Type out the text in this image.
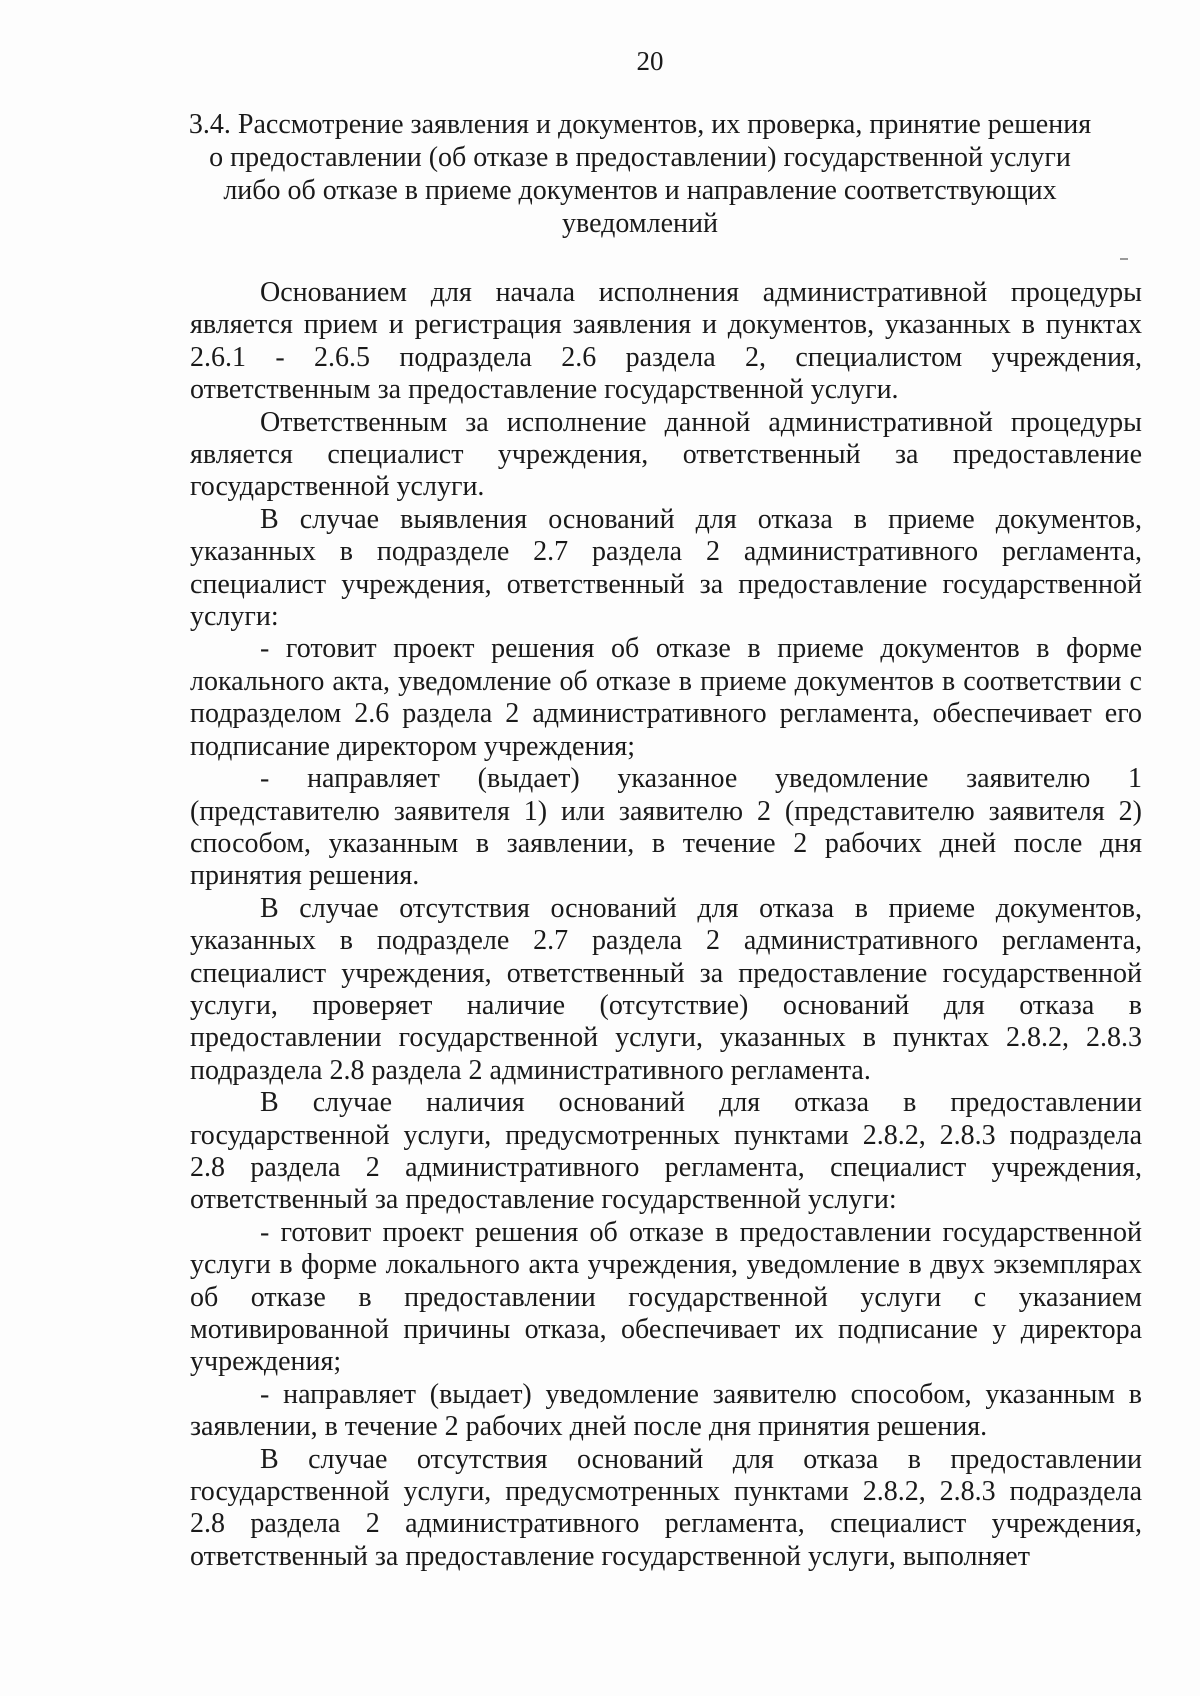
20
3.4. Рассмотрение заявления и документов, их проверка, принятие решения о предоставлении (об отказе в предоставлении) государственной услуги либо об отказе в приеме документов и направление соответствующих уведомлений

Основанием для начала исполнения административной процедуры является прием и регистрация заявления и документов, указанных в пунктах 2.6.1 - 2.6.5 подраздела 2.6 раздела 2, специалистом учреждения, ответственным за предоставление государственной услуги.

Ответственным за исполнение данной административной процедуры является специалист учреждения, ответственный за предоставление государственной услуги.

В случае выявления оснований для отказа в приеме документов, указанных в подразделе 2.7 раздела 2 административного регламента, специалист учреждения, ответственный за предоставление государственной услуги:

- готовит проект решения об отказе в приеме документов в форме локального акта, уведомление об отказе в приеме документов в соответствии с подразделом 2.6 раздела 2 административного регламента, обеспечивает его подписание директором учреждения;

- направляет (выдает) указанное уведомление заявителю 1 (представителю заявителя 1) или заявителю 2 (представителю заявителя 2) способом, указанным в заявлении, в течение 2 рабочих дней после дня принятия решения.

В случае отсутствия оснований для отказа в приеме документов, указанных в подразделе 2.7 раздела 2 административного регламента, специалист учреждения, ответственный за предоставление государственной услуги, проверяет наличие (отсутствие) оснований для отказа в предоставлении государственной услуги, указанных в пунктах 2.8.2, 2.8.3 подраздела 2.8 раздела 2 административного регламента.

В случае наличия оснований для отказа в предоставлении государственной услуги, предусмотренных пунктами 2.8.2, 2.8.3 подраздела 2.8 раздела 2 административного регламента, специалист учреждения, ответственный за предоставление государственной услуги:

- готовит проект решения об отказе в предоставлении государственной услуги в форме локального акта учреждения, уведомление в двух экземплярах об отказе в предоставлении государственной услуги с указанием мотивированной причины отказа, обеспечивает их подписание у директора учреждения;

- направляет (выдает) уведомление заявителю способом, указанным в заявлении, в течение 2 рабочих дней после дня принятия решения.

В случае отсутствия оснований для отказа в предоставлении государственной услуги, предусмотренных пунктами 2.8.2, 2.8.3 подраздела 2.8 раздела 2 административного регламента, специалист учреждения, ответственный за предоставление государственной услуги, выполняет
